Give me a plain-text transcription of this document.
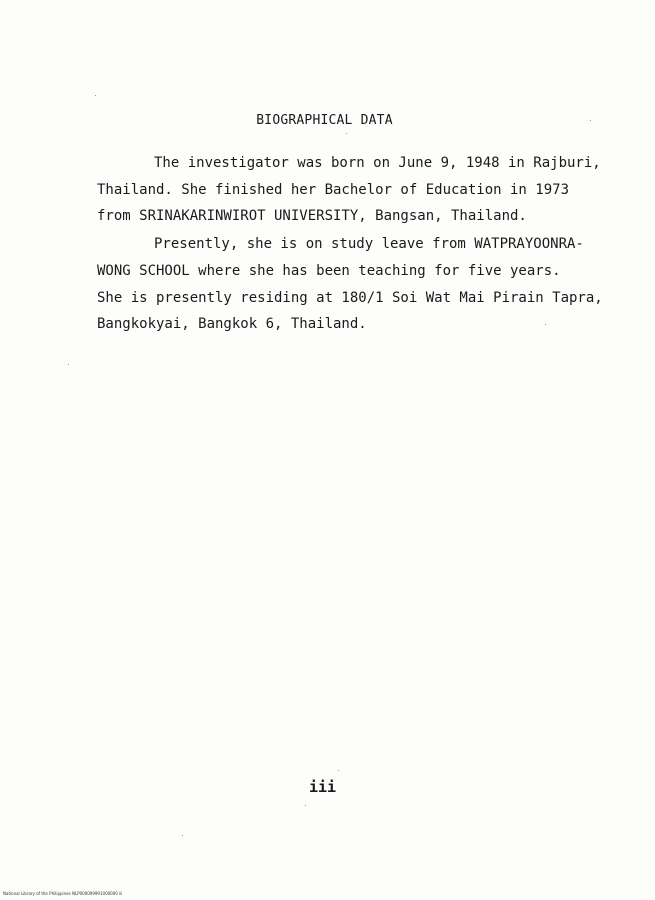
BIOGRAPHICAL DATA
The investigator was born on June 9, 1948 in Rajburi,
Thailand. She finished her Bachelor of Education in 1973
from SRINAKARINWIROT UNIVERSITY, Bangsan, Thailand.
Presently, she is on study leave from WATPRAYOONRA-
WONG SCHOOL where she has been teaching for five years.
She is presently residing at 180/1 Soi Wat Mai Pirain Tapra,
Bangkokyai, Bangkok 6, Thailand.
iii
National Library of the Philippines NLP000099991000000 iii
